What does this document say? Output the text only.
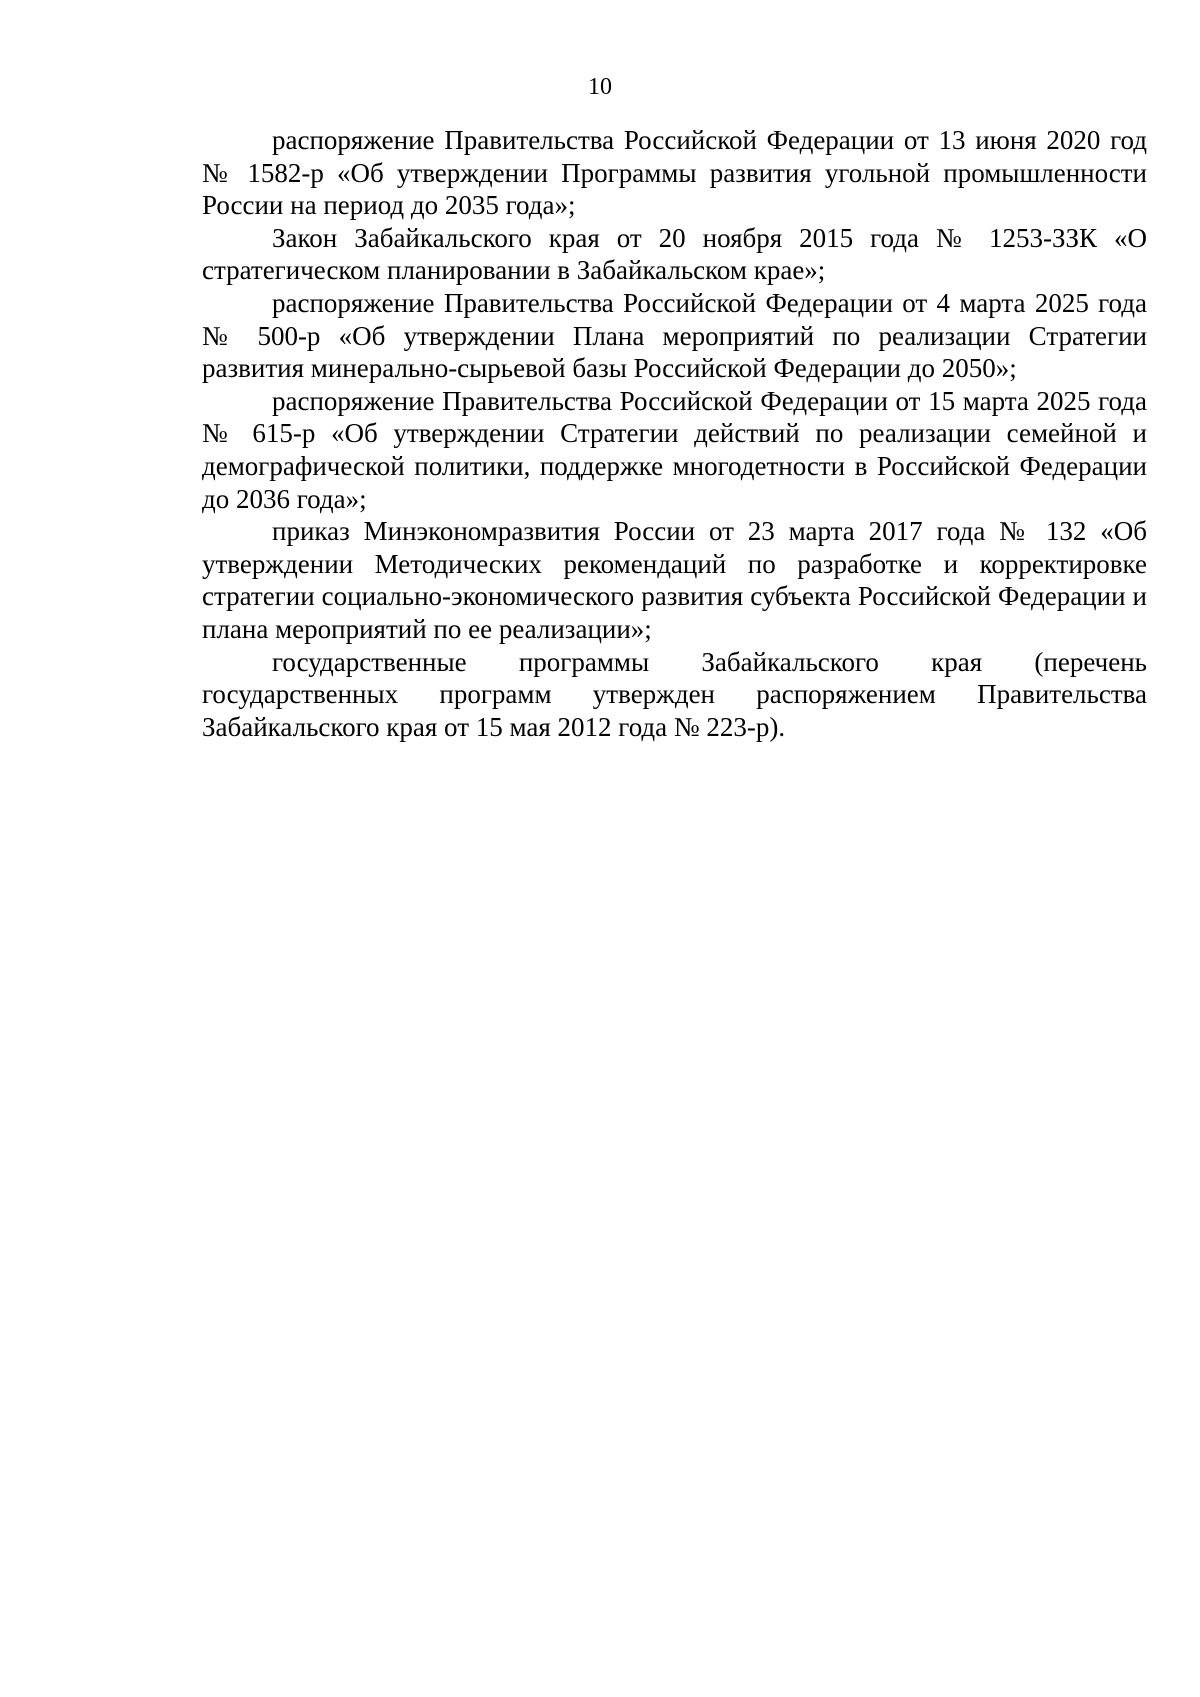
10

распоряжение Правительства Российской Федерации от 13 июня 2020 год № 1582-р «Об утверждении Программы развития угольной промышленности России на период до 2035 года»;

Закон Забайкальского края от 20 ноября 2015 года № 1253-ЗЗК «О стратегическом планировании в Забайкальском крае»;

распоряжение Правительства Российской Федерации от 4 марта 2025 года № 500-р «Об утверждении Плана мероприятий по реализации Стратегии развития минерально-сырьевой базы Российской Федерации до 2050»;

распоряжение Правительства Российской Федерации от 15 марта 2025 года № 615-р «Об утверждении Стратегии действий по реализации семейной и демографической политики, поддержке многодетности в Российской Федерации до 2036 года»;

приказ Минэкономразвития России от 23 марта 2017 года № 132 «Об утверждении Методических рекомендаций по разработке и корректировке стратегии социально-экономического развития субъекта Российской Федерации и плана мероприятий по ее реализации»;

государственные программы Забайкальского края (перечень государственных программ утвержден распоряжением Правительства Забайкальского края от 15 мая 2012 года № 223-р).
